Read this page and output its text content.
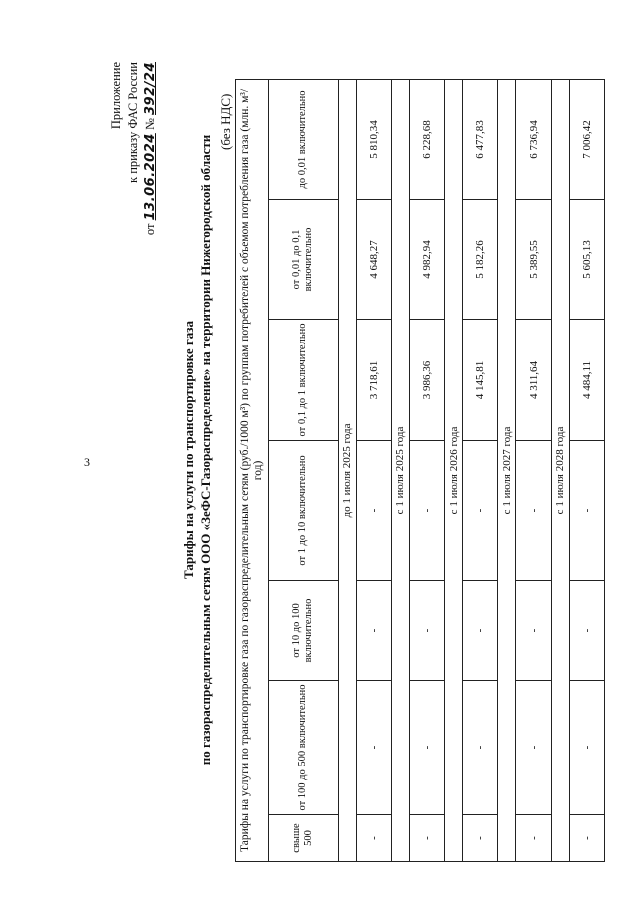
3
Приложение к приказу ФАС России
от 13.06.2024 № 392/24
Тарифы на услуги по транспортировке газа по газораспределительным сетям ООО «ЗеФС-Газораспределение» на территории Нижегородской области
(без НДС) Тарифы на услуги по транспортировке газа по газораспределительным сетям (руб./1000 м³) по группам потребителей с объемом потребления газа (млн. м³/год)						
свыше 500	от 100 до 500 включительно	от 10 до 100 включительно	от 1 до 10 включительно	от 0,1 до 1 включительно	от 0,01 до 0,1 включительно	до 0,01 включительно
до 1 июля 2025 года						
-	-	-	-	3 718,61	4 648,27	5 810,34
с 1 июля 2025 года						
-	-	-	-	3 986,36	4 982,94	6 228,68
с 1 июля 2026 года						
-	-	-	-	4 145,81	5 182,26	6 477,83
с 1 июля 2027 года						
-	-	-	-	4 311,64	5 389,55	6 736,94
с 1 июля 2028 года						
-	-	-	-	4 484,11	5 605,13	7 006,42
